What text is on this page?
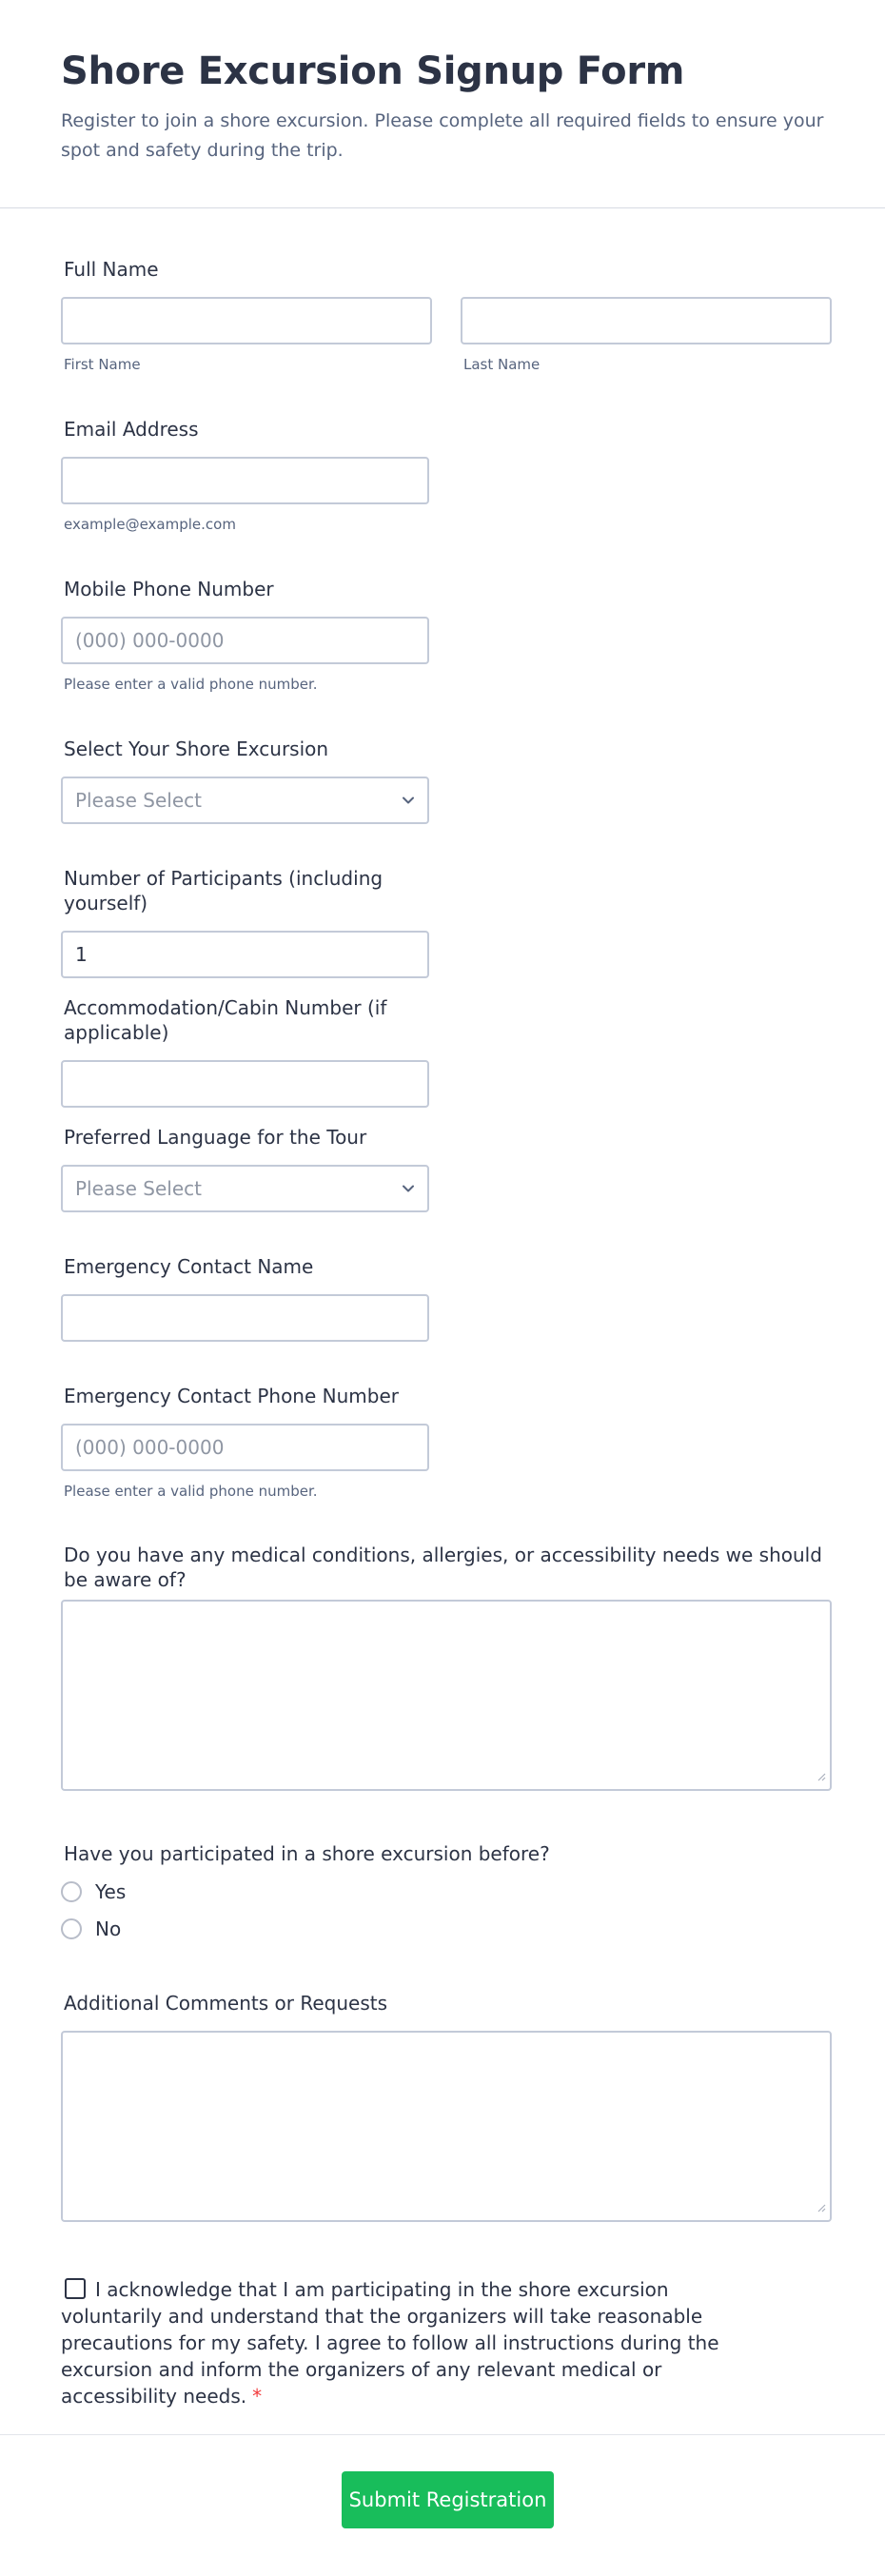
Shore Excursion Signup Form
Register to join a shore excursion. Please complete all required fields to ensure your spot and safety during the trip.
Full Name
First Name	Last Name
Email Address
example@example.com
Mobile Phone Number
(000) 000-0000
Please enter a valid phone number.
Select Your Shore Excursion
Please Select
Number of Participants (including yourself)
1
Accommodation/Cabin Number (if applicable)
Preferred Language for the Tour
Please Select
Emergency Contact Name
Emergency Contact Phone Number
(000) 000-0000
Please enter a valid phone number.
Do you have any medical conditions, allergies, or accessibility needs we should be aware of?
Have you participated in a shore excursion before?
Yes
No
Additional Comments or Requests
I acknowledge that I am participating in the shore excursion voluntarily and understand that the organizers will take reasonable precautions for my safety. I agree to follow all instructions during the excursion and inform the organizers of any relevant medical or accessibility needs. *
Submit Registration
